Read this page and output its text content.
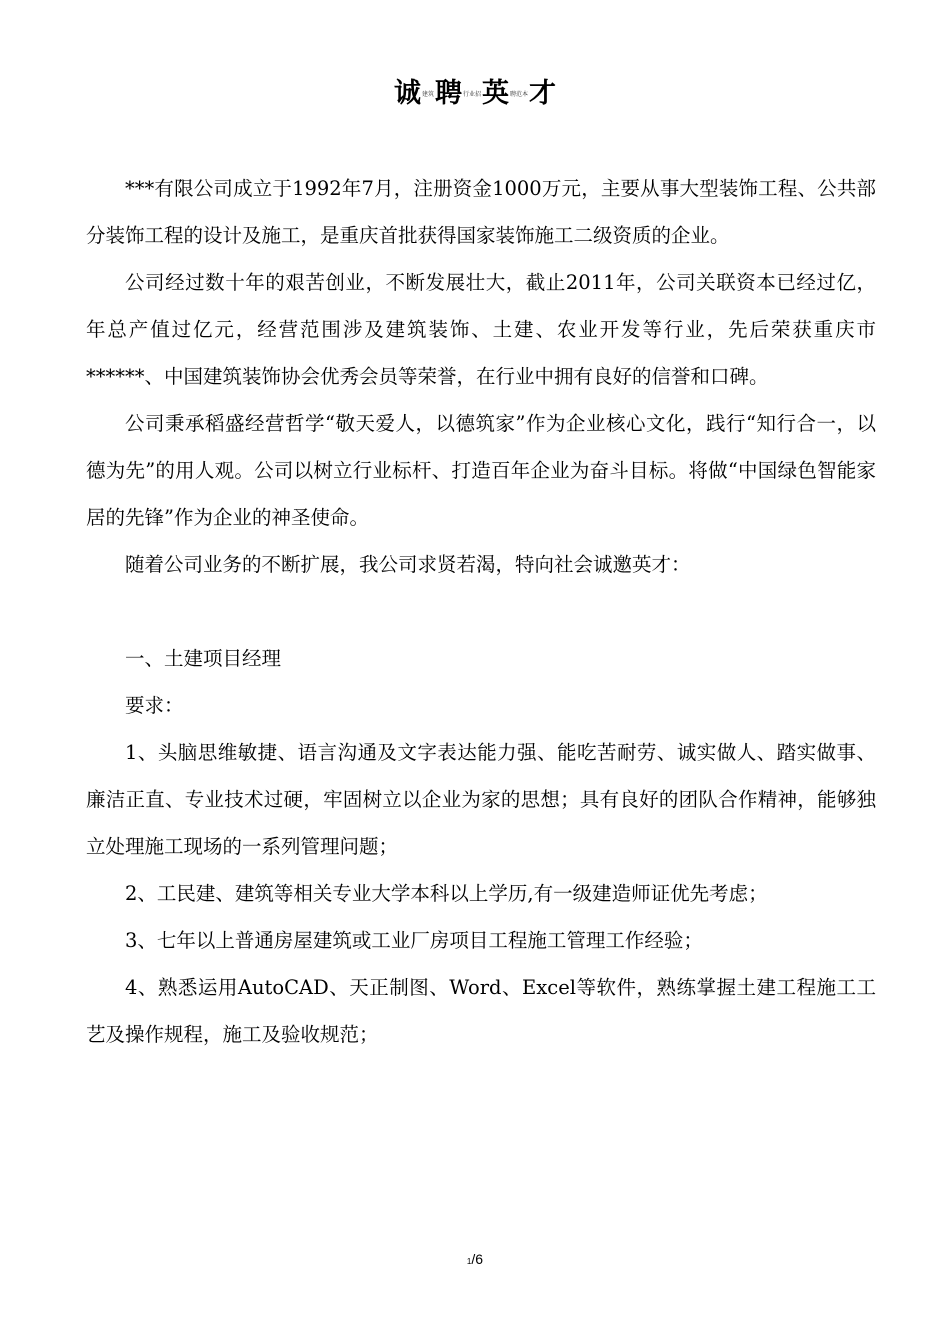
诚建筑聘行业招英聘范本才

***有限公司成立于1992年7月，注册资金1000万元，主要从事大型装饰工程、公共部分装饰工程的设计及施工，是重庆首批获得国家装饰施工二级资质的企业。

公司经过数十年的艰苦创业，不断发展壮大，截止2011年，公司关联资本已经过亿，年总产值过亿元，经营范围涉及建筑装饰、土建、农业开发等行业，先后荣获重庆市******、中国建筑装饰协会优秀会员等荣誉，在行业中拥有良好的信誉和口碑。

公司秉承稻盛经营哲学“敬天爱人，以德筑家”作为企业核心文化，践行“知行合一，以德为先”的用人观。公司以树立行业标杆、打造百年企业为奋斗目标。将做“中国绿色智能家居的先锋”作为企业的神圣使命。

随着公司业务的不断扩展，我公司求贤若渴，特向社会诚邀英才：

一、土建项目经理

要求：

1、头脑思维敏捷、语言沟通及文字表达能力强、能吃苦耐劳、诚实做人、踏实做事、廉洁正直、专业技术过硬，牢固树立以企业为家的思想；具有良好的团队合作精神，能够独立处理施工现场的一系列管理问题；

2、工民建、建筑等相关专业大学本科以上学历,有一级建造师证优先考虑；

3、七年以上普通房屋建筑或工业厂房项目工程施工管理工作经验；

4、熟悉运用AutoCAD、天正制图、Word、Excel等软件，熟练掌握土建工程施工工艺及操作规程，施工及验收规范；

1/6
